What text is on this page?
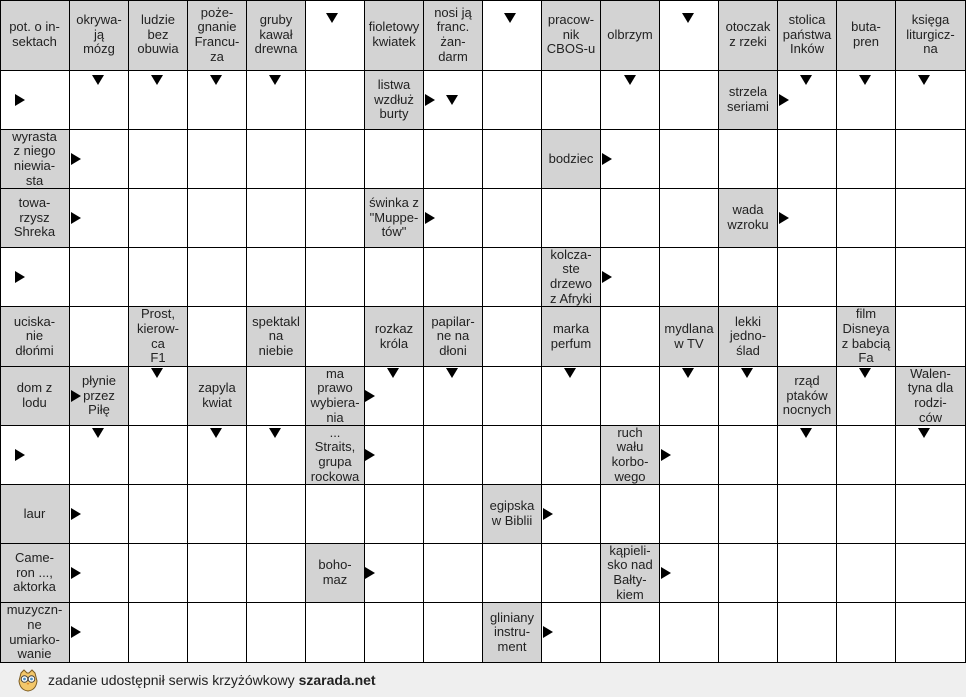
pot. o in-
sektach
okrywa-
ją
mózg
ludzie
bez
obuwia
poże-
gnanie
Francu-
za
gruby
kawał
drewna
fioletowy
kwiatek
nosi ją
franc.
żan-
darm
pracow-
nik
CBOS-u
olbrzym	otoczak
z rzeki
stolica
państwa
Inków
buta-
pren
księga
liturgicz-
na
listwa
wzdłuż
burty
strzela
seriami
wyrasta
z niego
niewia-
sta
bodziec
towa-
rzysz
Shreka
świnka z
"Muppe-
tów"
wada
wzroku
kolcza-
ste
drzewo
z Afryki
uciska-
nie
dłońmi
Prost,
kierow-
ca
F1
spektakl
na
niebie
rozkaz
króla
papilar-
ne na
dłoni
marka
perfum
mydlana
w TV
lekki
jedno-
ślad
film
Disneya
z babcią
Fa
dom z
lodu
płynie
przez
Piłę
zapyla
kwiat
ma
prawo
wybiera-
nia
rząd
ptaków
nocnych
Walen-
tyna dla
rodzi-
ców
...
Straits,
grupa
rockowa
ruch
wału
korbo-
wego
laur	egipska
w Biblii
Came-
ron ...,
aktorka
boho-
maz
kąpieli-
sko nad
Bałty-
kiem
muzyczn-
ne
umiarko-
wanie
gliniany
instru-
ment
zadanie udostępnił serwis krzyżówkowy szarada.net
